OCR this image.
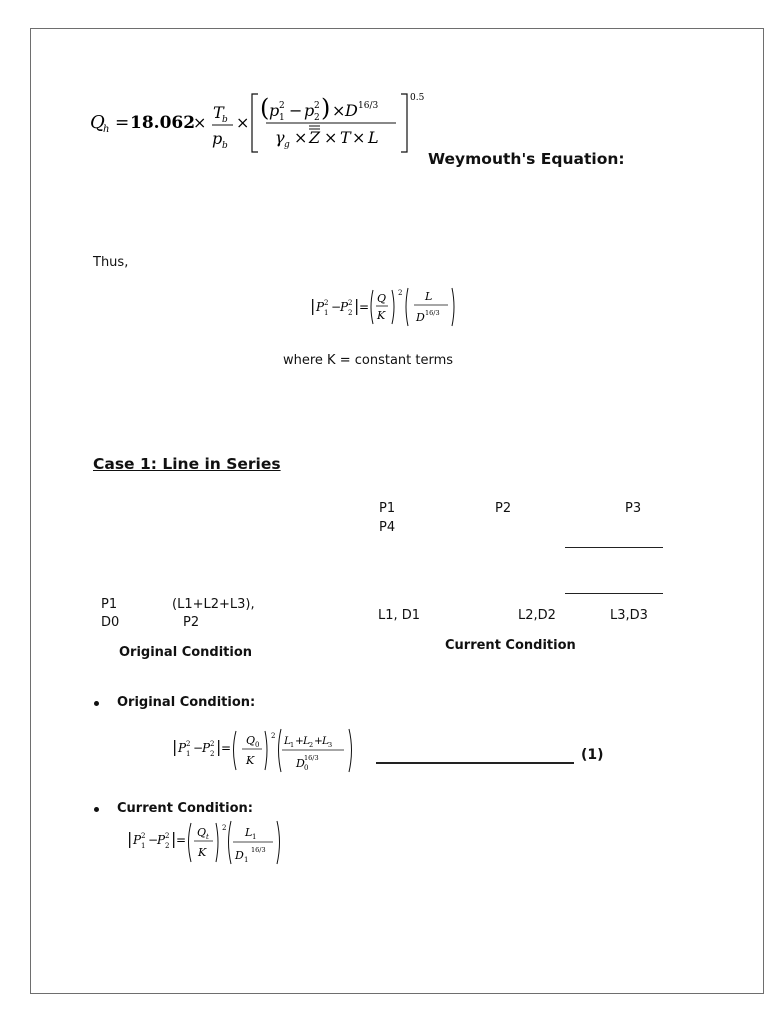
Q
h = 18.062
×
T
b
p b
×
( p 1
2 − p 2
2 ) × D 16/3
γ g × Z × T × L
0.5
Weymouth's Equation:
Thus,
| P 1
2 −
P 2
2 | =
Q
K
2 L
D 16/3
where K = constant terms
Case 1: Line in Series
P1	P2	P3
P4
P1	(L1+L2+L3),
D0	P2	L1, D1	L2,D2	L3,D3
Original Condition	Current Condition
Original Condition:
| P 1
2 −
P 2
2 | =
Q 0
K
2 L 1 + L 2 + L 3
D 0
16/3	(1)
Current Condition:
| P 1
2 −
P 2
2 | =
Q t
K
2 L 1
D 1
16/3
